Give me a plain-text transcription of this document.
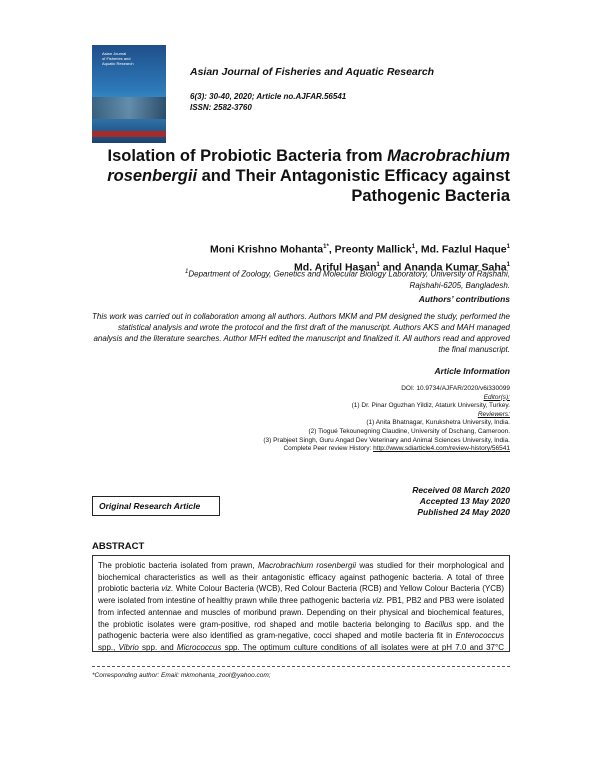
Asian Journal
of Fisheries and
Aquatic Research
Asian Journal of Fisheries and Aquatic Research
6(3): 30-40, 2020; Article no.AJFAR.56541
ISSN: 2582-3760
Isolation of Probiotic Bacteria from Macrobrachium rosenbergii and Their Antagonistic Efficacy against Pathogenic Bacteria
Moni Krishno Mohanta$^{1*}$, Preonty Mallick$^1$, Md. Fazlul Haque$^1$
Md. Ariful Hasan$^1$ and Ananda Kumar Saha$^1$
$^1$Department of Zoology, Genetics and Molecular Biology Laboratory, University of Rajshahi,
Rajshahi-6205, Bangladesh.
Authors’ contributions
This work was carried out in collaboration among all authors. Authors MKM and PM designed the study, performed the statistical analysis and wrote the protocol and the first draft of the manuscript. Authors AKS and MAH managed analysis and the literature searches. Author MFH edited the manuscript and finalized it. All authors read and approved the final manuscript.
Article Information
DOI: 10.9734/AJFAR/2020/v6i330099
Editor(s):
(1) Dr. Pinar Oguzhan Yildiz, Ataturk University, Turkey.
Reviewers:
(1) Anita Bhatnagar, Kurukshetra University, India.
(2) Tiogué Tekounegning Claudine, University of Dschang, Cameroon.
(3) Prabjeet Singh, Guru Angad Dev Veterinary and Animal Sciences University, India.
Complete Peer review History: http://www.sdiarticle4.com/review-history/56541
Received 08 March 2020
Accepted 13 May 2020
Published 24 May 2020
Original Research Article
ABSTRACT
The probiotic bacteria isolated from prawn, Macrobrachium rosenbergii was studied for their morphological and biochemical characteristics as well as their antagonistic efficacy against pathogenic bacteria. A total of three probiotic bacteria viz. White Colour Bacteria (WCB), Red Colour Bacteria (RCB) and Yellow Colour Bacteria (YCB) were isolated from intestine of healthy prawn while three pathogenic bacteria viz. PB1, PB2 and PB3 were isolated from infected antennae and muscles of moribund prawn. Depending on their physical and biochemical features, the probiotic isolates were gram-positive, rod shaped and motile bacteria belonging to Bacillus spp. and the pathogenic bacteria were also identified as gram-negative, cocci shaped and motile bacteria fit in Enterococcus spp., Vibrio spp. and Micrococcus spp. The optimum culture conditions of all isolates were at pH 7.0 and 37°C
*Corresponding author: Email: mkmohanta_zool@yahoo.com;
